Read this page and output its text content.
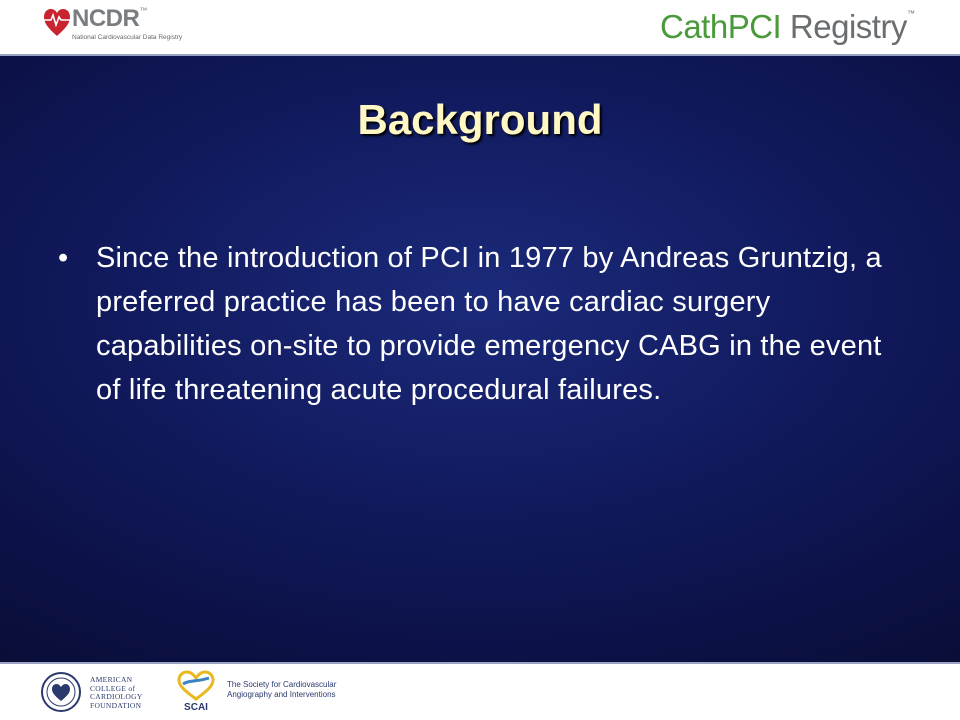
NCDR™
National Cardiovascular Data Registry	CathPCI Registry™
Background
• Since the introduction of PCI in 1977 by Andreas Gruntzig, a preferred practice has been to have cardiac surgery capabilities on-site to provide emergency CABG in the event of life threatening acute procedural failures.
AMERICAN
COLLEGE of
CARDIOLOGY
FOUNDATION	SCAI
The Society for Cardiovascular
Angiography and Interventions
